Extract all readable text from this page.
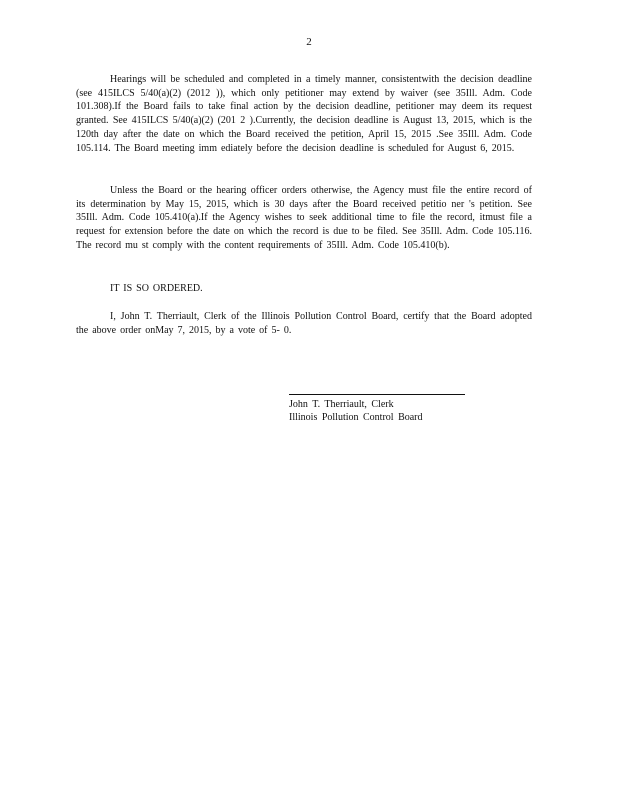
2

Hearings will be scheduled and completed in a timely manner, consistentwith the decision deadline (see 415ILCS 5/40(a)(2) (2012 )), which only petitioner may extend by waiver (see 35Ill. Adm. Code 101.308).If the Board fails to take final action by the decision deadline, petitioner may deem its request granted. See 415ILCS 5/40(a)(2) (201 2 ).Currently, the decision deadline is August 13, 2015, which is the 120th day after the date on which the Board received the petition, April 15, 2015 .See 35Ill. Adm. Code 105.114. The Board meeting imm ediately before the decision deadline is scheduled for August 6, 2015.

Unless the Board or the hearing officer orders otherwise, the Agency must file the entire record of its determination by May 15, 2015, which is 30 days after the Board received petitio ner 's petition. See 35Ill. Adm. Code 105.410(a).If the Agency wishes to seek additional time to file the record, itmust file a request for extension before the date on which the record is due to be filed. See 35Ill. Adm. Code 105.116. The record mu st comply with the content requirements of 35Ill. Adm. Code 105.410(b).

IT IS SO ORDERED.

I, John T. Therriault, Clerk of the Illinois Pollution Control Board, certify that the Board adopted the above order onMay 7, 2015, by a vote of 5- 0.

John T. Therriault, Clerk
Illinois Pollution Control Board
